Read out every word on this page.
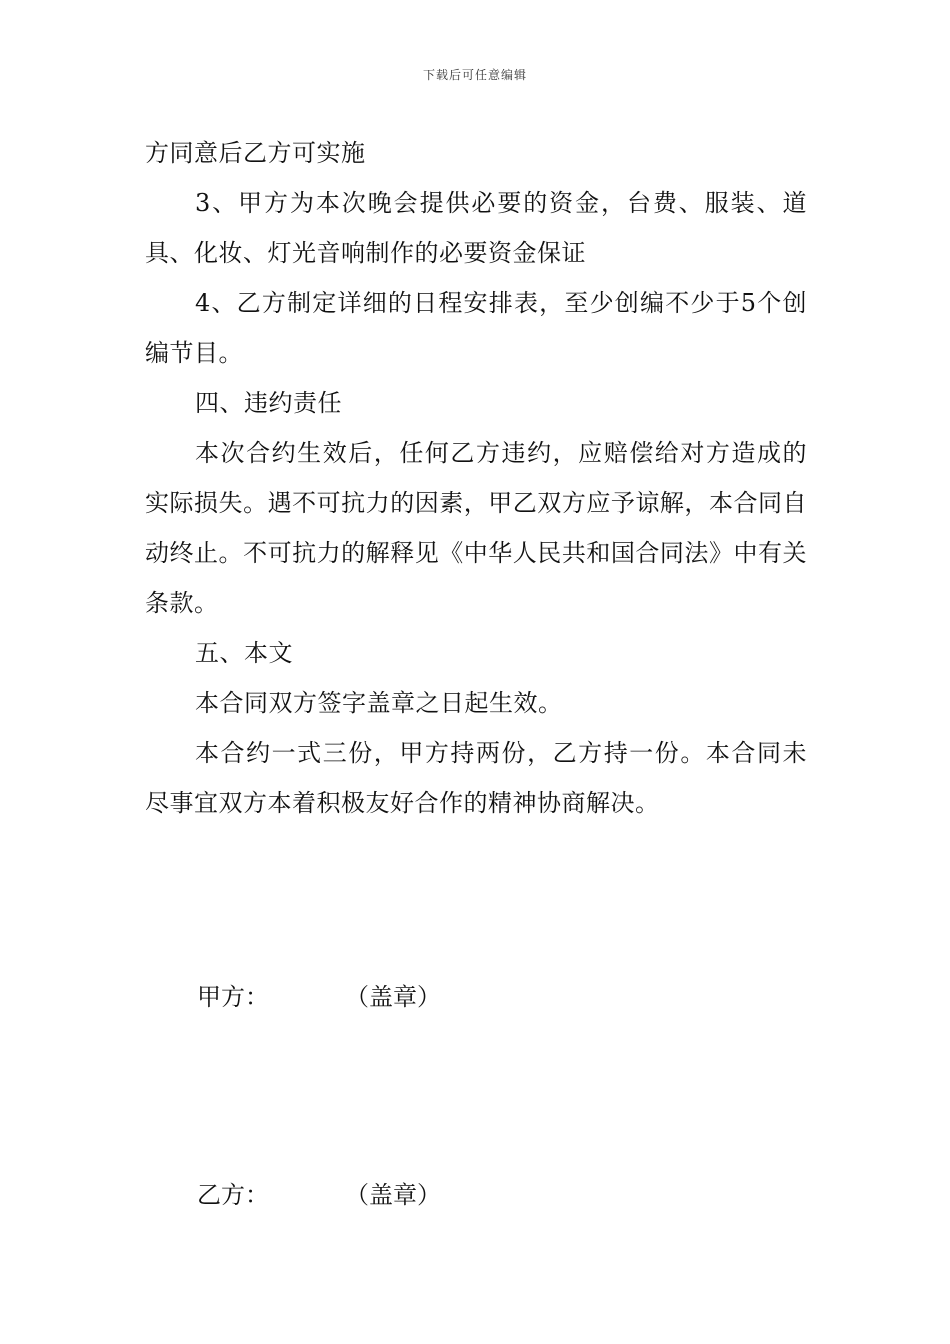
下载后可任意编辑

方同意后乙方可实施

3、甲方为本次晚会提供必要的资金，台费、服装、道具、化妆、灯光音响制作的必要资金保证

4、乙方制定详细的日程安排表，至少创编不少于5个创编节目。

四、违约责任

本次合约生效后，任何乙方违约，应赔偿给对方造成的实际损失。遇不可抗力的因素，甲乙双方应予谅解，本合同自动终止。不可抗力的解释见《中华人民共和国合同法》中有关条款。

五、本文

本合同双方签字盖章之日起生效。

本合约一式三份，甲方持两份，乙方持一份。本合同未尽事宜双方本着积极友好合作的精神协商解决。

甲方：	（盖章）
乙方：	（盖章）
